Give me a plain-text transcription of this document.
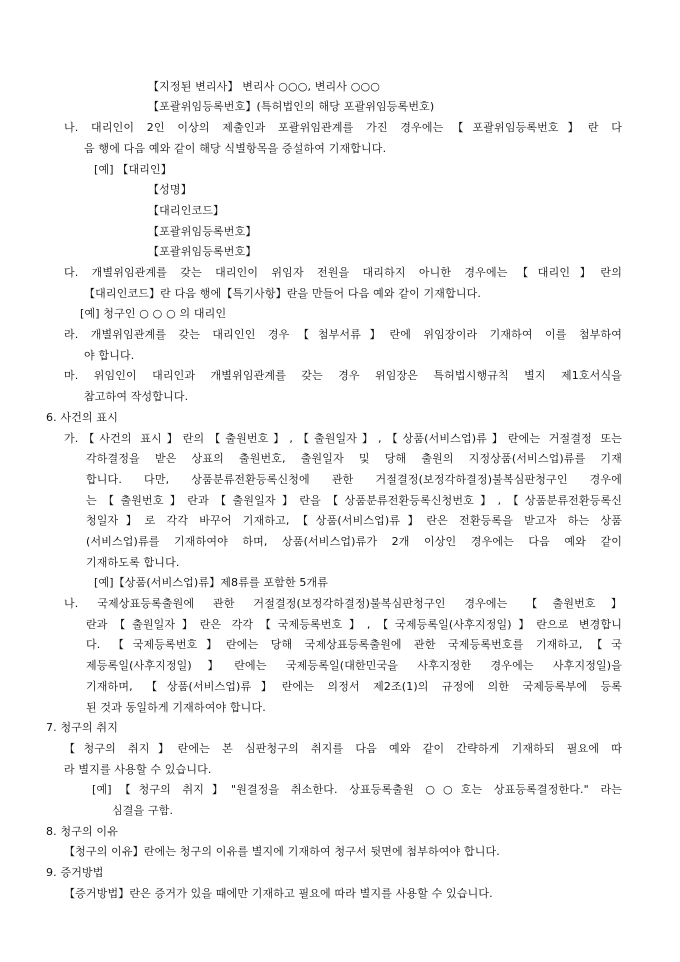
【지정된 변리사】 변리사 ○○○, 변리사 ○○○
【포괄위임등록번호】(특허법인의 해당 포괄위임등록번호)
나. 대리인이 2인 이상의 제출인과 포괄위임관계를 가진 경우에는【포괄위임등록번호】란 다
음 행에 다음 예와 같이 해당 식별항목을 증설하여 기재합니다.
[예] 【대리인】
【성명】
【대리인코드】
【포괄위임등록번호】
【포괄위임등록번호】
다. 개별위임관계를 갖는 대리인이 위임자 전원을 대리하지 아니한 경우에는【대리인】란의
【대리인코드】란 다음 행에【특기사항】란을 만들어 다음 예와 같이 기재합니다.
[예] 청구인 ○ ○ ○ 의 대리인
라. 개별위임관계를 갖는 대리인인 경우【첨부서류】란에 위임장이라 기재하여 이를 첨부하여
야 합니다.
마. 위임인이 대리인과 개별위임관계를 갖는 경우 위임장은 특허법시행규칙 별지 제1호서식을
참고하여 작성합니다.
6. 사건의 표시
가.【사건의 표시】란의【출원번호】,【출원일자】,【상품(서비스업)류】란에는 거절결정 또는
각하결정을 받은 상표의 출원번호, 출원일자 및 당해 출원의 지정상품(서비스업)류를 기재
합니다. 다만, 상품분류전환등록신청에 관한 거절결정(보정각하결정)불복심판청구인 경우에
는【출원번호】란과【출원일자】란을【상품분류전환등록신청번호】,【상품분류전환등록신
청일자】로 각각 바꾸어 기재하고,【상품(서비스업)류】란은 전환등록을 받고자 하는 상품
(서비스업)류를 기재하여야 하며, 상품(서비스업)류가 2개 이상인 경우에는 다음 예와 같이
기재하도록 합니다.
[예]【상품(서비스업)류】제8류를 포함한 5개류
나. 국제상표등록출원에 관한 거절결정(보정각하결정)불복심판청구인 경우에는 【출원번호】
란과【출원일자】란은 각각【국제등록번호】,【국제등록일(사후지정일)】란으로 변경합니
다. 【국제등록번호】란에는 당해 국제상표등록출원에 관한 국제등록번호를 기재하고,【국
제등록일(사후지정일)】란에는 국제등록일(대한민국을 사후지정한 경우에는 사후지정일)을
기재하며, 【상품(서비스업)류】란에는 의정서 제2조(1)의 규정에 의한 국제등록부에 등록
된 것과 동일하게 기재하여야 합니다.
7. 청구의 취지
【청구의 취지】란에는 본 심판청구의 취지를 다음 예와 같이 간략하게 기재하되 필요에 따
라 별지를 사용할 수 있습니다.
[예]【청구의 취지】"원결정을 취소한다. 상표등록출원 ○○호는 상표등록결정한다." 라는
심결을 구함.
8. 청구의 이유
【청구의 이유】란에는 청구의 이유를 별지에 기재하여 청구서 뒷면에 첨부하여야 합니다.
9. 증거방법
【증거방법】란은 증거가 있을 때에만 기재하고 필요에 따라 별지를 사용할 수 있습니다.
